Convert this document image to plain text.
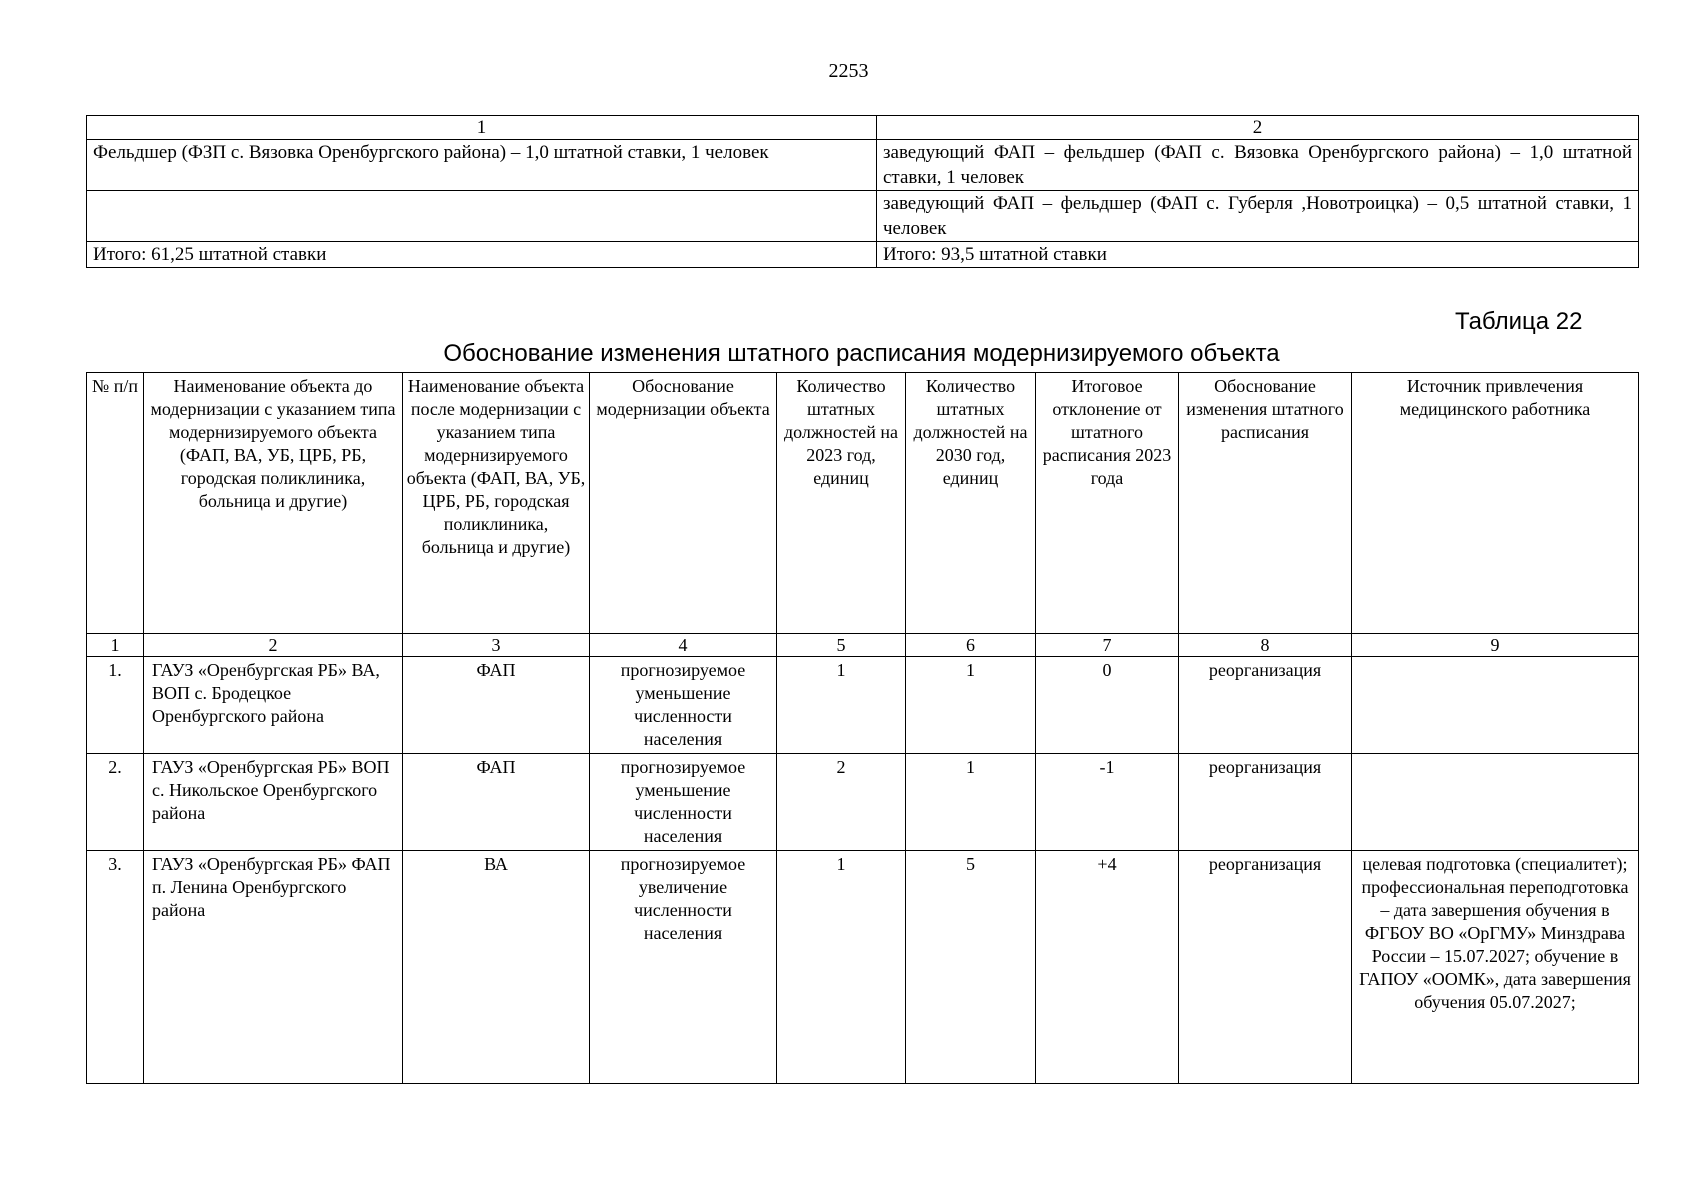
2253
1	2
Фельдшер (ФЗП с. Вязовка Оренбургского района) – 1,0 штатной ставки, 1 человек	заведующий ФАП – фельдшер (ФАП с. Вязовка Оренбургского района) – 1,0 штатной ставки, 1 человек
	заведующий ФАП – фельдшер (ФАП с. Губерля ,Новотроицка) – 0,5 штатной ставки, 1 человек
Итого: 61,25 штатной ставки	Итого: 93,5 штатной ставки
Таблица 22
Обоснование изменения штатного расписания модернизируемого объекта
№ п/п	Наименование объекта до модернизации с указанием типа модернизируемого объекта (ФАП, ВА, УБ, ЦРБ, РБ, городская поликлиника, больница и другие)	Наименование объекта после модернизации с указанием типа модернизируемого объекта (ФАП, ВА, УБ, ЦРБ, РБ, городская поликлиника, больница и другие)	Обоснование модернизации объекта	Количество штатных должностей на 2023 год, единиц	Количество штатных должностей на 2030 год, единиц	Итоговое отклонение от штатного расписания 2023 года	Обоснование изменения штатного расписания	Источник привлечения медицинского работника
1	2	3	4	5	6	7	8	9
1.	ГАУЗ «Оренбургская РБ» ВА, ВОП с. Бродецкое Оренбургского района	ФАП	прогнозируемое уменьшение численности населения	1	1	0	реорганизация	
2.	ГАУЗ «Оренбургская РБ» ВОП с. Никольское Оренбургского района	ФАП	прогнозируемое уменьшение численности населения	2	1	-1	реорганизация	
3.	ГАУЗ «Оренбургская РБ» ФАП п. Ленина Оренбургского района	ВА	прогнозируемое увеличение численности населения	1	5	+4	реорганизация	целевая подготовка (специалитет); профессиональная переподготовка – дата завершения обучения в ФГБОУ ВО «ОрГМУ» Минздрава России – 15.07.2027; обучение в ГАПОУ «ООМК», дата завершения обучения 05.07.2027;
